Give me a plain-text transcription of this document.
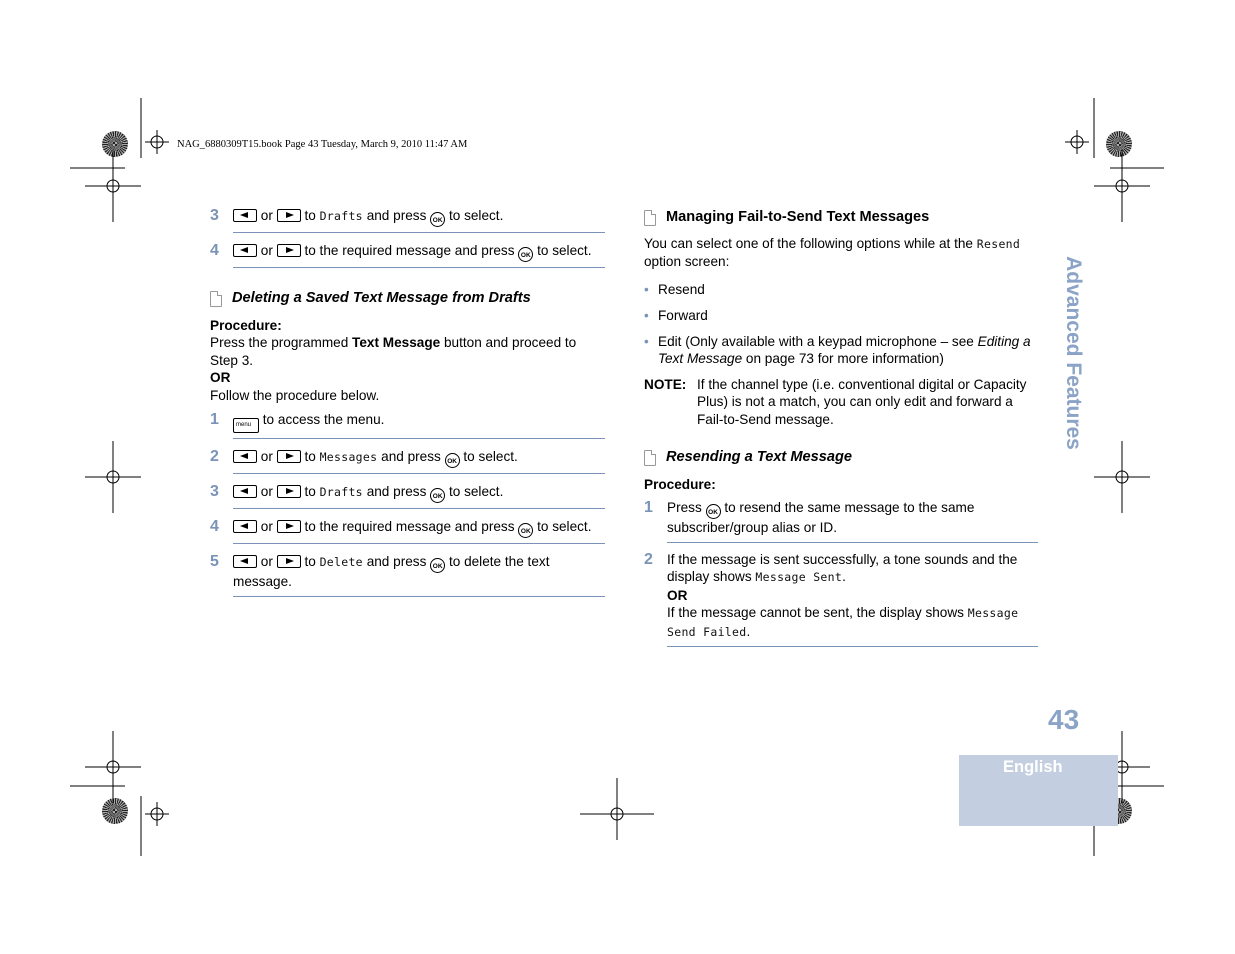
NAG_6880309T15.book Page 43 Tuesday, March 9, 2010 11:47 AM
3	or to Drafts and press OK to select.
4	or to the required message and press OK to select.
Deleting a Saved Text Message from Drafts
Procedure:
Press the programmed Text Message button and proceed to Step 3.
OR
Follow the procedure below.
1	menu to access the menu.
2	or to Messages and press OK to select.
3	or to Drafts and press OK to select.
4	or to the required message and press OK to select.
5	or to Delete and press OK to delete the text message.
Managing Fail-to-Send Text Messages
You can select one of the following options while at the Resend option screen:
• Resend
• Forward
• Edit (Only available with a keypad microphone – see Editing a Text Message on page 73 for more information)
NOTE: If the channel type (i.e. conventional digital or Capacity Plus) is not a match, you can only edit and forward a Fail-to-Send message.
Resending a Text Message
Procedure:
1 Press OK to resend the same message to the same subscriber/group alias or ID.
2 If the message is sent successfully, a tone sounds and the display shows Message Sent.
OR
If the message cannot be sent, the display shows Message Send Failed.
Advanced Features
43
English
